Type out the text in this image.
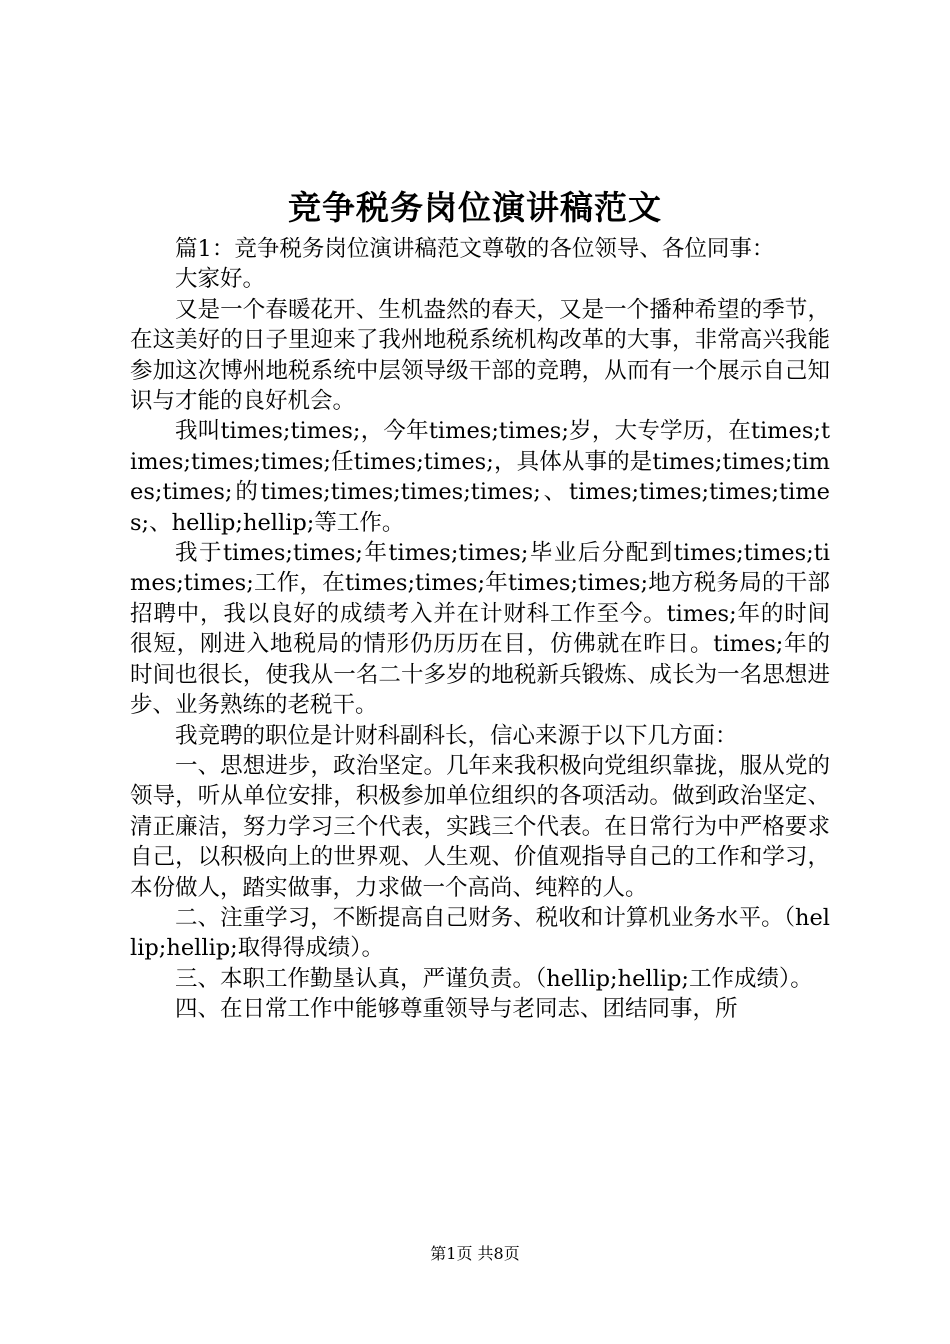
竞争税务岗位演讲稿范文

篇1：竞争税务岗位演讲稿范文尊敬的各位领导、各位同事：

大家好。

又是一个春暖花开、生机盎然的春天，又是一个播种希望的季节，在这美好的日子里迎来了我州地税系统机构改革的大事，非常高兴我能参加这次博州地税系统中层领导级干部的竞聘，从而有一个展示自己知识与才能的良好机会。

我叫times;times;，今年times;times;岁，大专学历，在times;times;times;times;任times;times;，具体从事的是times;times;times;times;的times;times;times;times;、times;times;times;times;、hellip;hellip;等工作。

我于times;times;年times;times;毕业后分配到times;times;times;times;工作，在times;times;年times;times;地方税务局的干部招聘中，我以良好的成绩考入并在计财科工作至今。times;年的时间很短，刚进入地税局的情形仍历历在目，仿佛就在昨日。times;年的时间也很长，使我从一名二十多岁的地税新兵锻炼、成长为一名思想进步、业务熟练的老税干。

我竞聘的职位是计财科副科长，信心来源于以下几方面：

一、思想进步，政治坚定。几年来我积极向党组织靠拢，服从党的领导，听从单位安排，积极参加单位组织的各项活动。做到政治坚定、清正廉洁，努力学习三个代表，实践三个代表。在日常行为中严格要求自己，以积极向上的世界观、人生观、价值观指导自己的工作和学习，本份做人，踏实做事，力求做一个高尚、纯粹的人。

二、注重学习，不断提高自己财务、税收和计算机业务水平。（hellip;hellip;取得得成绩）。

三、本职工作勤垦认真，严谨负责。（hellip;hellip;工作成绩）。

四、在日常工作中能够尊重领导与老同志、团结同事，所

第1页 共8页
